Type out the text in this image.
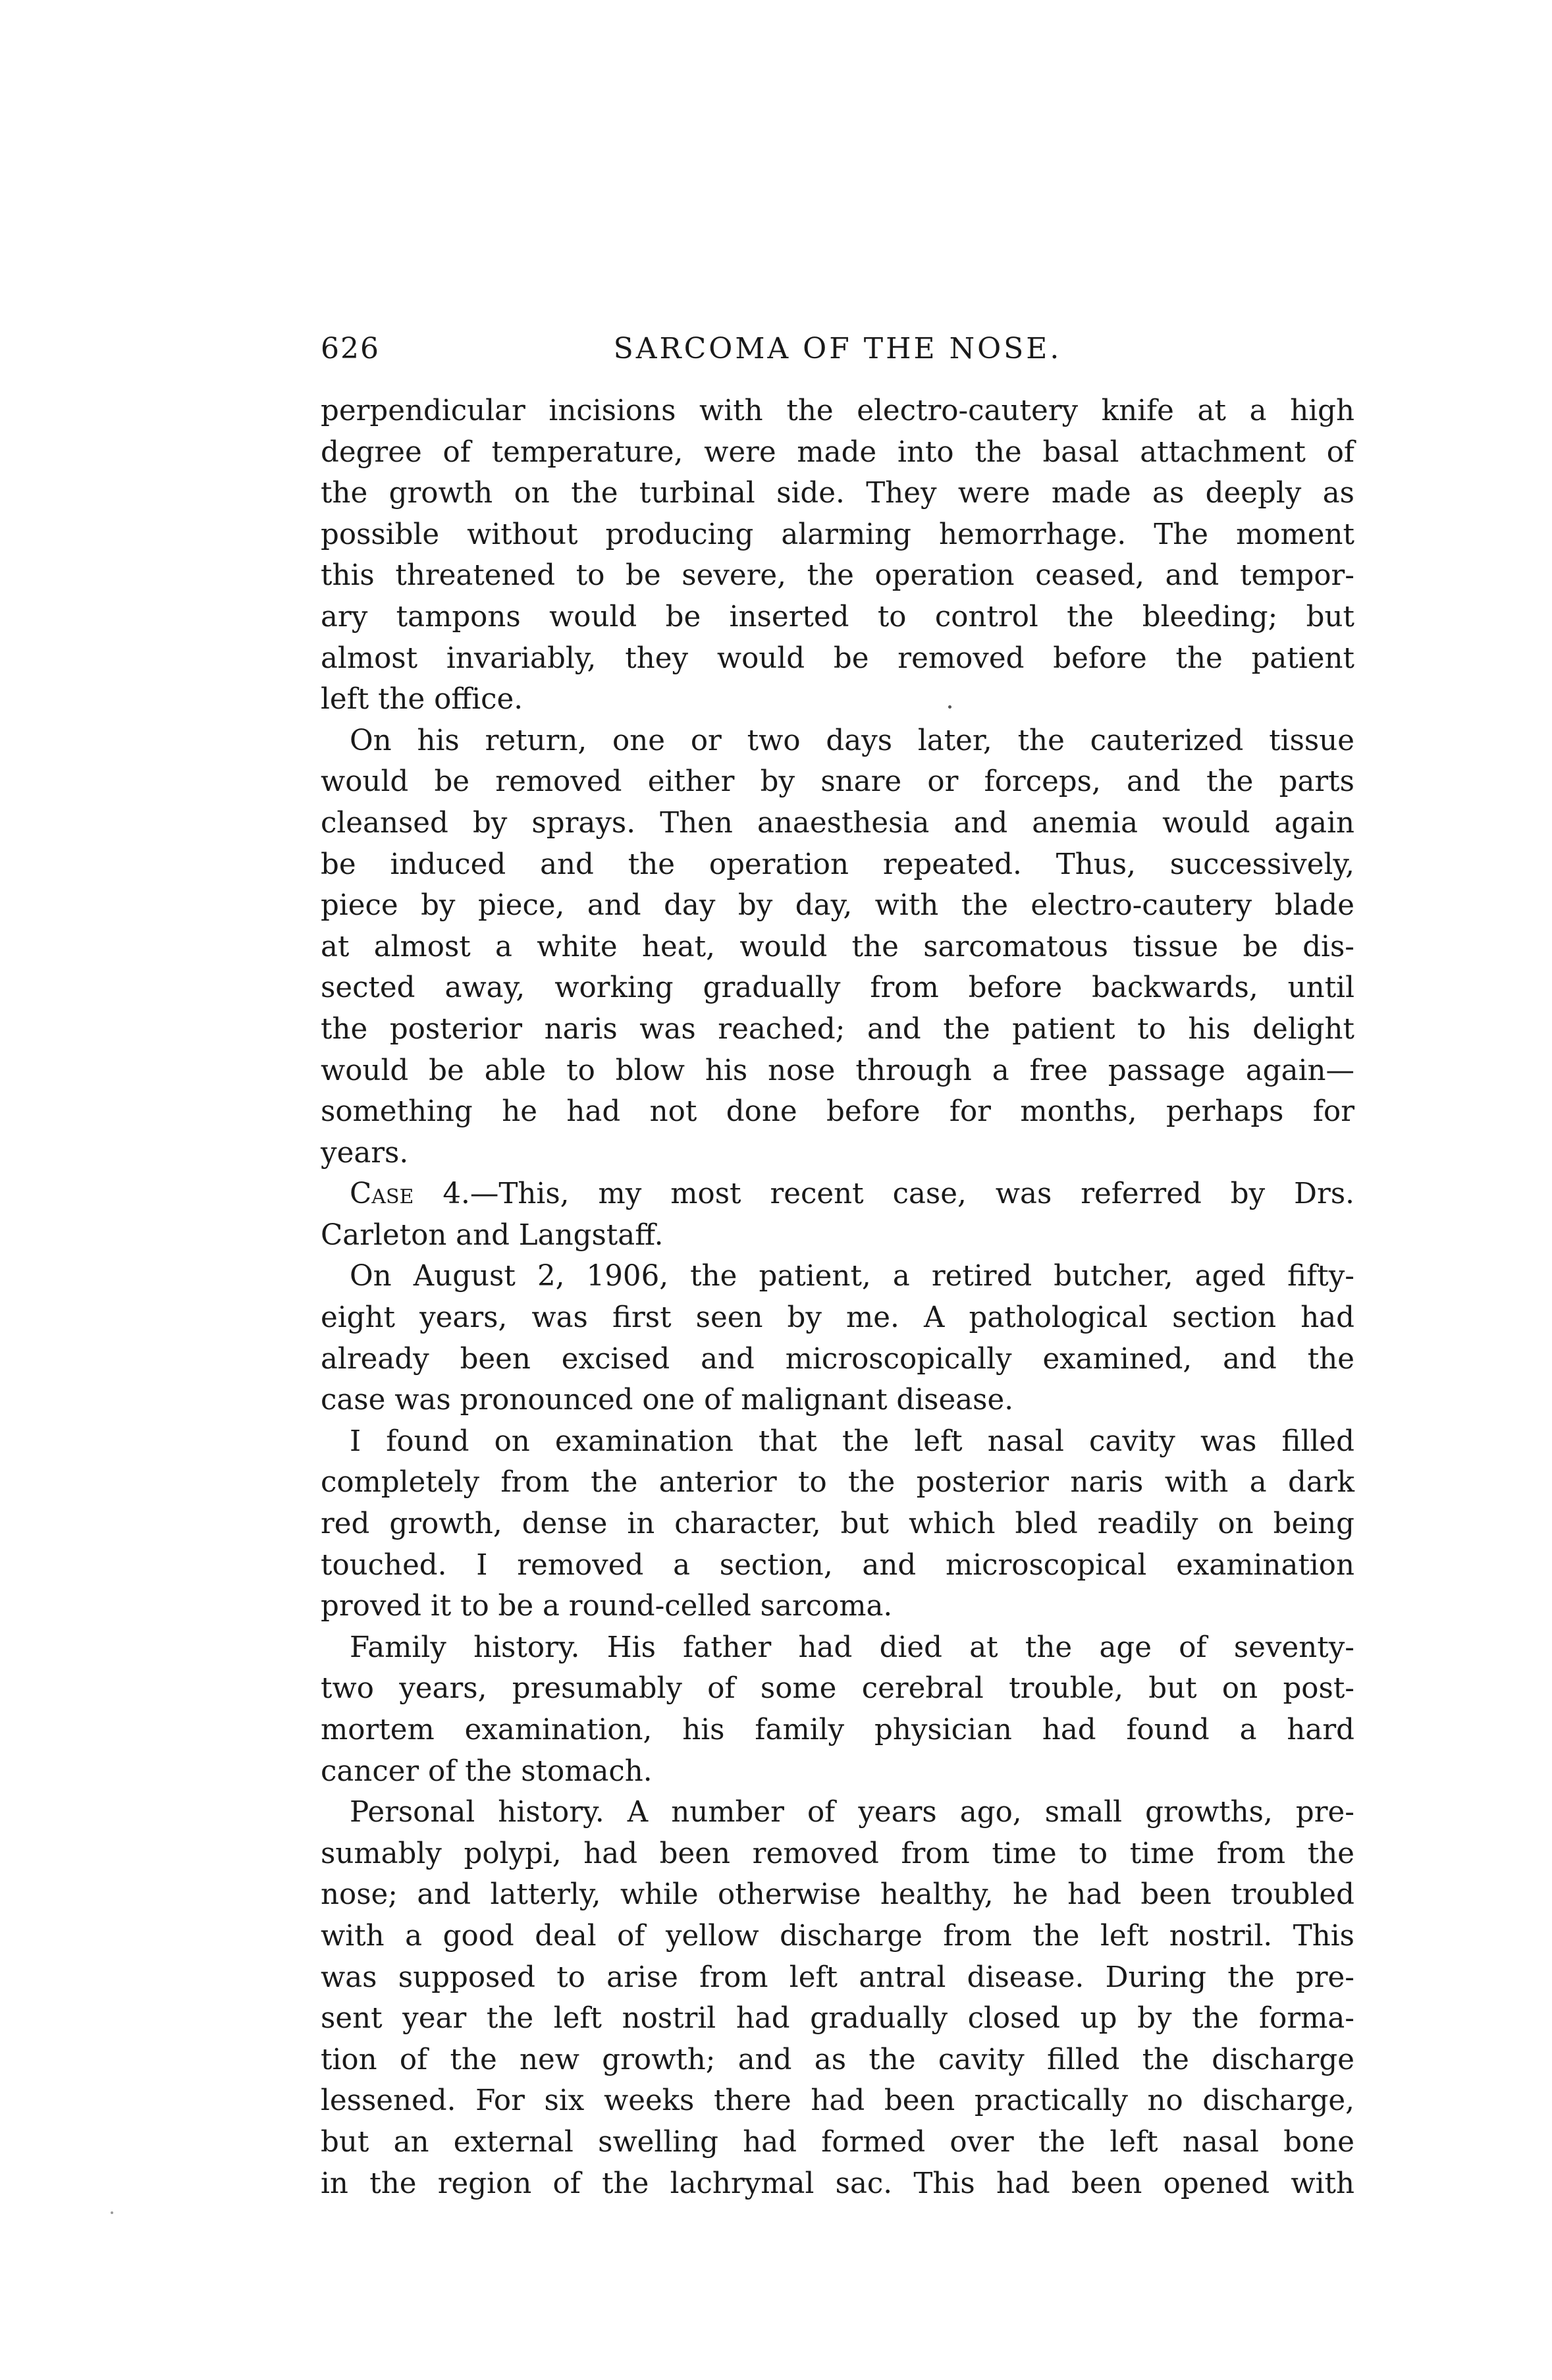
626	SARCOMA OF THE NOSE.
perpendicular incisions with the electro-cautery knife at a high
degree of temperature, were made into the basal attachment of
the growth on the turbinal side. They were made as deeply as
possible without producing alarming hemorrhage. The moment
this threatened to be severe, the operation ceased, and tempor-
ary tampons would be inserted to control the bleeding; but
almost invariably, they would be removed before the patient
left the office.
On his return, one or two days later, the cauterized tissue
would be removed either by snare or forceps, and the parts
cleansed by sprays. Then anaesthesia and anemia would again
be induced and the operation repeated. Thus, successively,
piece by piece, and day by day, with the electro-cautery blade
at almost a white heat, would the sarcomatous tissue be dis-
sected away, working gradually from before backwards, until
the posterior naris was reached; and the patient to his delight
would be able to blow his nose through a free passage again—
something he had not done before for months, perhaps for
years.
Case 4.—This, my most recent case, was referred by Drs.
Carleton and Langstaff.
On August 2, 1906, the patient, a retired butcher, aged fifty-
eight years, was first seen by me. A pathological section had
already been excised and microscopically examined, and the
case was pronounced one of malignant disease.
I found on examination that the left nasal cavity was filled
completely from the anterior to the posterior naris with a dark
red growth, dense in character, but which bled readily on being
touched. I removed a section, and microscopical examination
proved it to be a round-celled sarcoma.
Family history. His father had died at the age of seventy-
two years, presumably of some cerebral trouble, but on post-
mortem examination, his family physician had found a hard
cancer of the stomach.
Personal history. A number of years ago, small growths, pre-
sumably polypi, had been removed from time to time from the
nose; and latterly, while otherwise healthy, he had been troubled
with a good deal of yellow discharge from the left nostril. This
was supposed to arise from left antral disease. During the pre-
sent year the left nostril had gradually closed up by the forma-
tion of the new growth; and as the cavity filled the discharge
lessened. For six weeks there had been practically no discharge,
but an external swelling had formed over the left nasal bone
in the region of the lachrymal sac. This had been opened with
